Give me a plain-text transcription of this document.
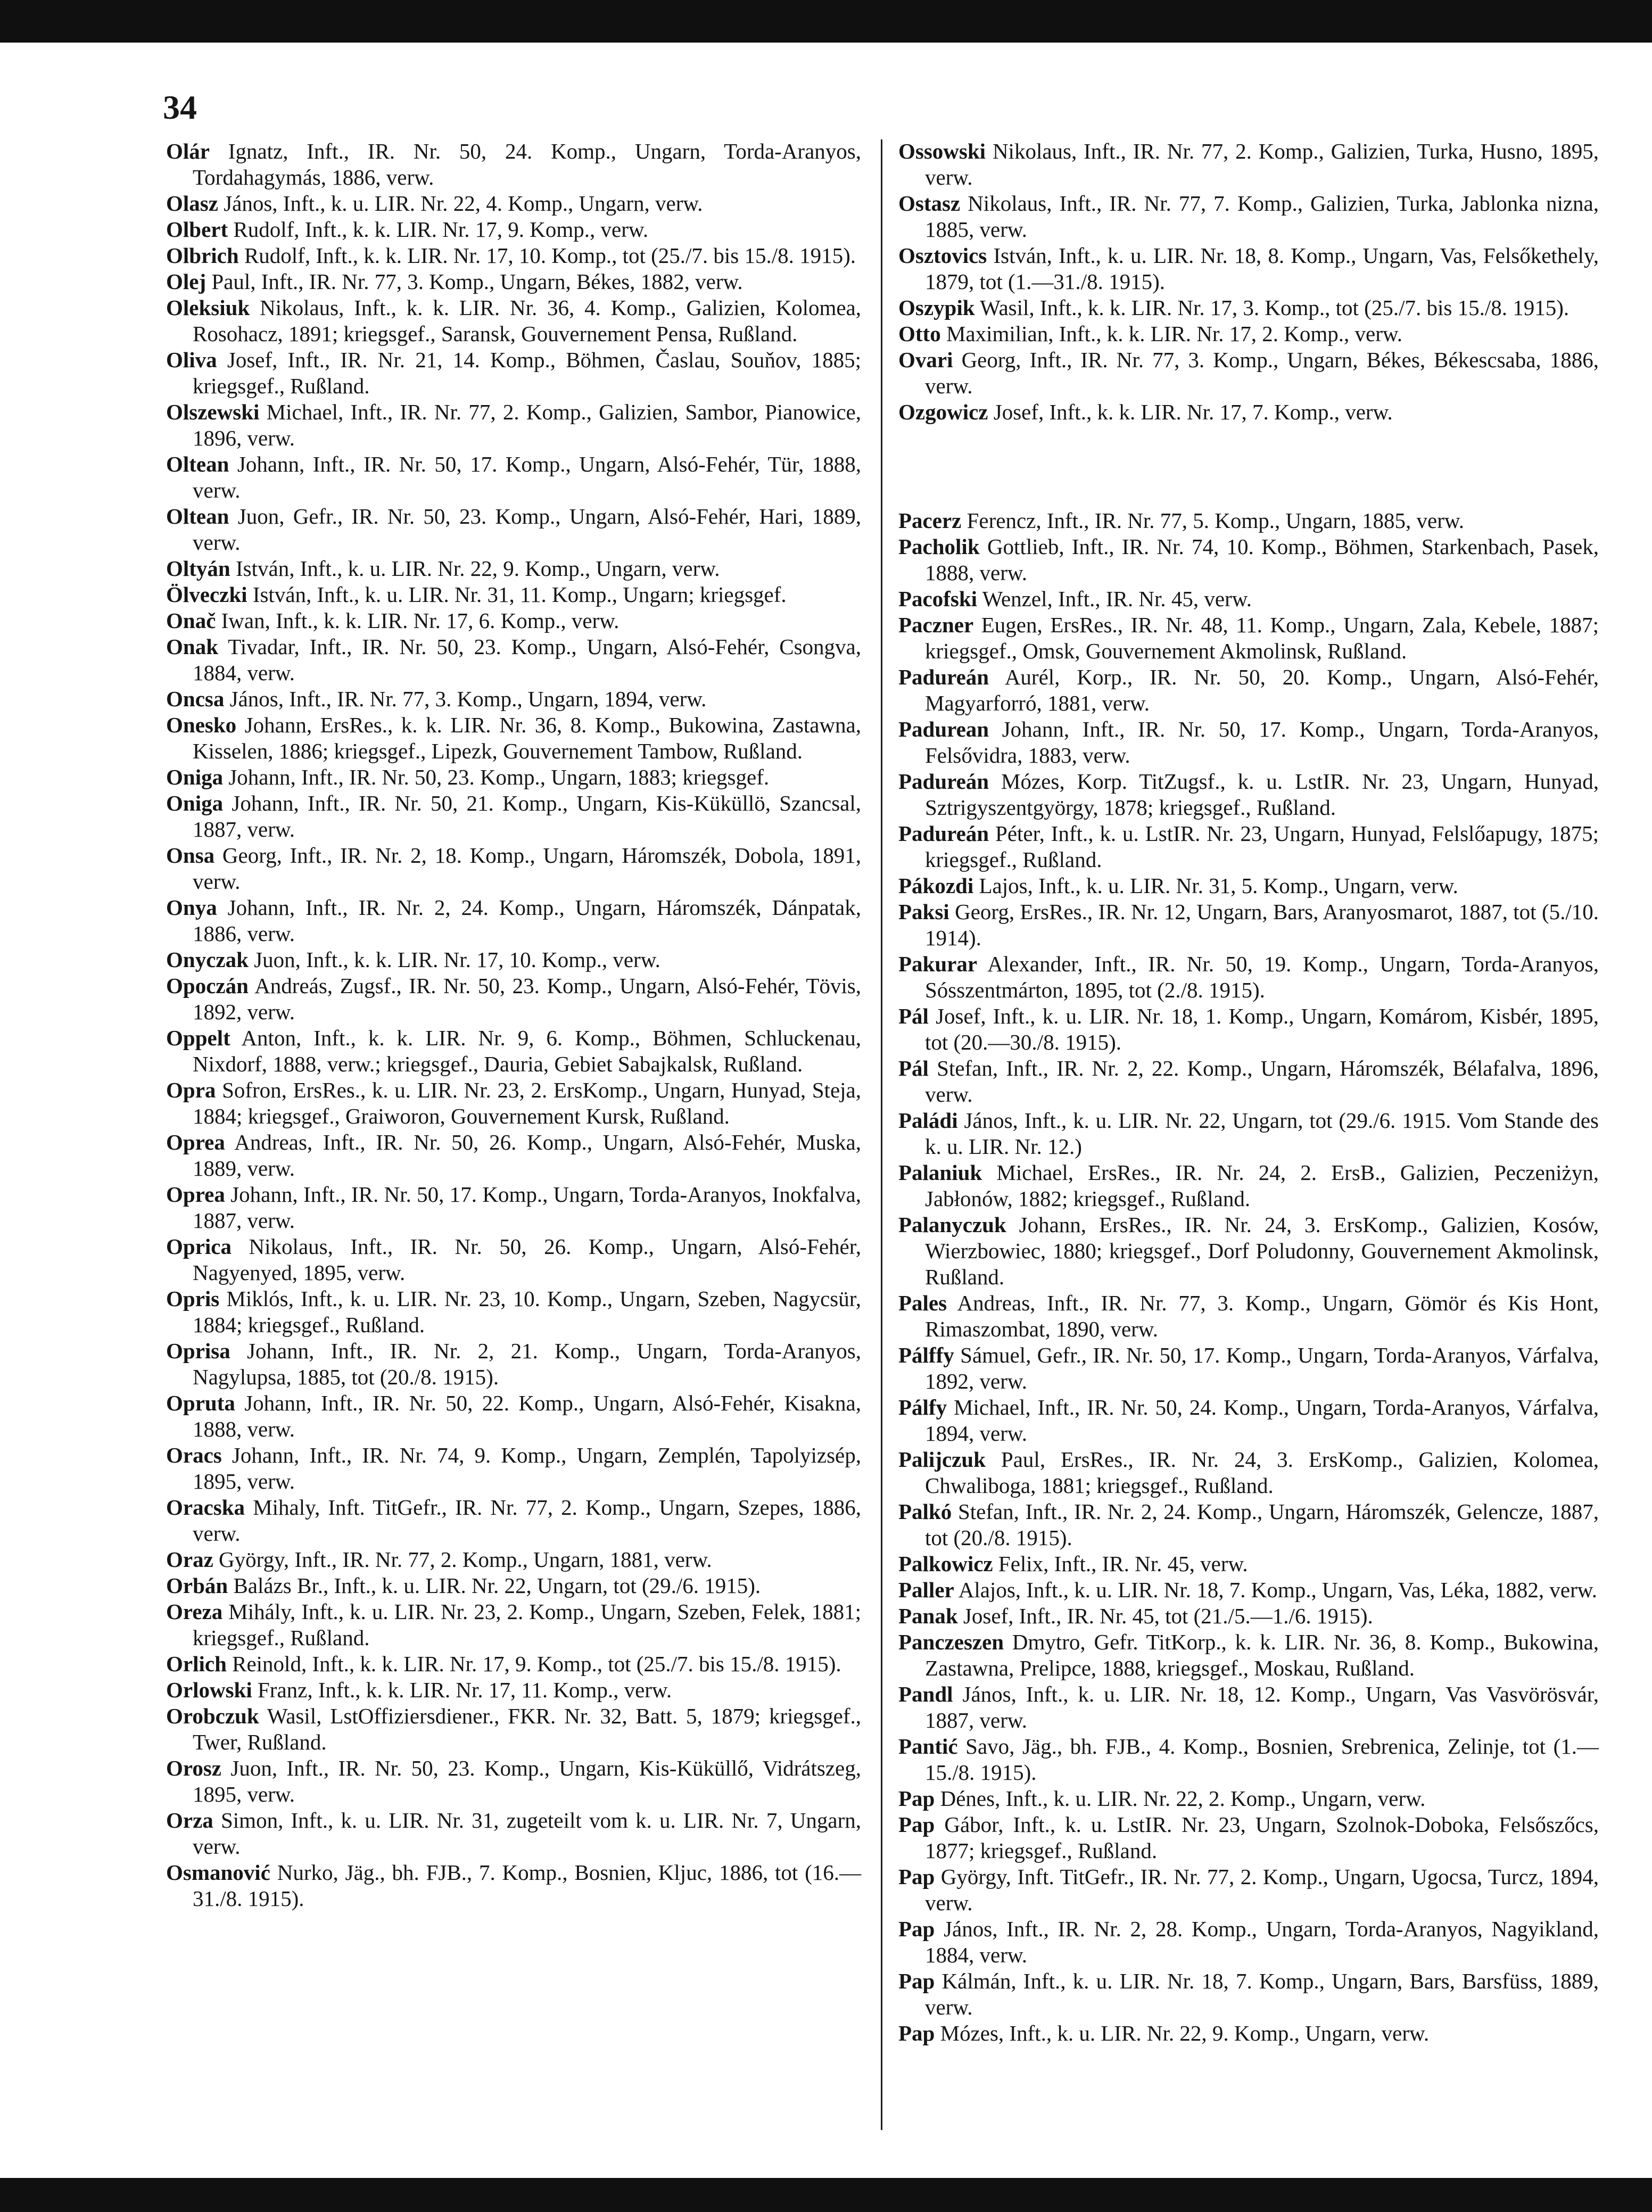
34

Olár Ignatz, Inft., IR. Nr. 50, 24. Komp., Ungarn, Torda-Aranyos, Tordahagymás, 1886, verw.

Olasz János, Inft., k. u. LIR. Nr. 22, 4. Komp., Ungarn, verw.

Olbert Rudolf, Inft., k. k. LIR. Nr. 17, 9. Komp., verw.

Olbrich Rudolf, Inft., k. k. LIR. Nr. 17, 10. Komp., tot (25./7. bis 15./8. 1915).

Olej Paul, Inft., IR. Nr. 77, 3. Komp., Ungarn, Békes, 1882, verw.

Oleksiuk Nikolaus, Inft., k. k. LIR. Nr. 36, 4. Komp., Galizien, Kolomea, Rosohacz, 1891; kriegsgef., Saransk, Gouvernement Pensa, Rußland.

Oliva Josef, Inft., IR. Nr. 21, 14. Komp., Böhmen, Časlau, Souňov, 1885; kriegsgef., Rußland.

Olszewski Michael, Inft., IR. Nr. 77, 2. Komp., Galizien, Sambor, Pianowice, 1896, verw.

Oltean Johann, Inft., IR. Nr. 50, 17. Komp., Ungarn, Alsó-Fehér, Tür, 1888, verw.

Oltean Juon, Gefr., IR. Nr. 50, 23. Komp., Ungarn, Alsó-Fehér, Hari, 1889, verw.

Oltyán István, Inft., k. u. LIR. Nr. 22, 9. Komp., Ungarn, verw.

Ölveczki István, Inft., k. u. LIR. Nr. 31, 11. Komp., Ungarn; kriegsgef.

Onač Iwan, Inft., k. k. LIR. Nr. 17, 6. Komp., verw.

Onak Tivadar, Inft., IR. Nr. 50, 23. Komp., Ungarn, Alsó-Fehér, Csongva, 1884, verw.

Oncsa János, Inft., IR. Nr. 77, 3. Komp., Ungarn, 1894, verw.

Onesko Johann, ErsRes., k. k. LIR. Nr. 36, 8. Komp., Bukowina, Zastawna, Kisselen, 1886; kriegsgef., Lipezk, Gouvernement Tambow, Rußland.

Oniga Johann, Inft., IR. Nr. 50, 23. Komp., Ungarn, 1883; kriegsgef.

Oniga Johann, Inft., IR. Nr. 50, 21. Komp., Ungarn, Kis-Küküllö, Szancsal, 1887, verw.

Onsa Georg, Inft., IR. Nr. 2, 18. Komp., Ungarn, Háromszék, Dobola, 1891, verw.

Onya Johann, Inft., IR. Nr. 2, 24. Komp., Ungarn, Háromszék, Dánpatak, 1886, verw.

Onyczak Juon, Inft., k. k. LIR. Nr. 17, 10. Komp., verw.

Opoczán Andreás, Zugsf., IR. Nr. 50, 23. Komp., Ungarn, Alsó-Fehér, Tövis, 1892, verw.

Oppelt Anton, Inft., k. k. LIR. Nr. 9, 6. Komp., Böhmen, Schluckenau, Nixdorf, 1888, verw.; kriegsgef., Dauria, Gebiet Sabajkalsk, Rußland.

Opra Sofron, ErsRes., k. u. LIR. Nr. 23, 2. ErsKomp., Ungarn, Hunyad, Steja, 1884; kriegsgef., Graiworon, Gouvernement Kursk, Rußland.

Oprea Andreas, Inft., IR. Nr. 50, 26. Komp., Ungarn, Alsó-Fehér, Muska, 1889, verw.

Oprea Johann, Inft., IR. Nr. 50, 17. Komp., Ungarn, Torda-Aranyos, Inokfalva, 1887, verw.

Oprica Nikolaus, Inft., IR. Nr. 50, 26. Komp., Ungarn, Alsó-Fehér, Nagyenyed, 1895, verw.

Opris Miklós, Inft., k. u. LIR. Nr. 23, 10. Komp., Ungarn, Szeben, Nagycsür, 1884; kriegsgef., Rußland.

Oprisa Johann, Inft., IR. Nr. 2, 21. Komp., Ungarn, Torda-Aranyos, Nagylupsa, 1885, tot (20./8. 1915).

Opruta Johann, Inft., IR. Nr. 50, 22. Komp., Ungarn, Alsó-Fehér, Kisakna, 1888, verw.

Oracs Johann, Inft., IR. Nr. 74, 9. Komp., Ungarn, Zemplén, Tapolyizsép, 1895, verw.

Oracska Mihaly, Inft. TitGefr., IR. Nr. 77, 2. Komp., Ungarn, Szepes, 1886, verw.

Oraz György, Inft., IR. Nr. 77, 2. Komp., Ungarn, 1881, verw.

Orbán Balázs Br., Inft., k. u. LIR. Nr. 22, Ungarn, tot (29./6. 1915).

Oreza Mihály, Inft., k. u. LIR. Nr. 23, 2. Komp., Ungarn, Szeben, Felek, 1881; kriegsgef., Rußland.

Orlich Reinold, Inft., k. k. LIR. Nr. 17, 9. Komp., tot (25./7. bis 15./8. 1915).

Orlowski Franz, Inft., k. k. LIR. Nr. 17, 11. Komp., verw.

Orobczuk Wasil, LstOffiziersdiener., FKR. Nr. 32, Batt. 5, 1879; kriegsgef., Twer, Rußland.

Orosz Juon, Inft., IR. Nr. 50, 23. Komp., Ungarn, Kis-Küküllő, Vidrátszeg, 1895, verw.

Orza Simon, Inft., k. u. LIR. Nr. 31, zugeteilt vom k. u. LIR. Nr. 7, Ungarn, verw.

Osmanović Nurko, Jäg., bh. FJB., 7. Komp., Bosnien, Kljuc, 1886, tot (16.—31./8. 1915).

Ossowski Nikolaus, Inft., IR. Nr. 77, 2. Komp., Galizien, Turka, Husno, 1895, verw.

Ostasz Nikolaus, Inft., IR. Nr. 77, 7. Komp., Galizien, Turka, Jablonka nizna, 1885, verw.

Osztovics István, Inft., k. u. LIR. Nr. 18, 8. Komp., Ungarn, Vas, Felsőkethely, 1879, tot (1.—31./8. 1915).

Oszypik Wasil, Inft., k. k. LIR. Nr. 17, 3. Komp., tot (25./7. bis 15./8. 1915).

Otto Maximilian, Inft., k. k. LIR. Nr. 17, 2. Komp., verw.

Ovari Georg, Inft., IR. Nr. 77, 3. Komp., Ungarn, Békes, Békescsaba, 1886, verw.

Ozgowicz Josef, Inft., k. k. LIR. Nr. 17, 7. Komp., verw.

Pacerz Ferencz, Inft., IR. Nr. 77, 5. Komp., Ungarn, 1885, verw.

Pacholik Gottlieb, Inft., IR. Nr. 74, 10. Komp., Böhmen, Starkenbach, Pasek, 1888, verw.

Pacofski Wenzel, Inft., IR. Nr. 45, verw.

Paczner Eugen, ErsRes., IR. Nr. 48, 11. Komp., Ungarn, Zala, Kebele, 1887; kriegsgef., Omsk, Gouvernement Akmolinsk, Rußland.

Padureán Aurél, Korp., IR. Nr. 50, 20. Komp., Ungarn, Alsó-Fehér, Magyarforró, 1881, verw.

Padurean Johann, Inft., IR. Nr. 50, 17. Komp., Ungarn, Torda-Aranyos, Felsővidra, 1883, verw.

Padureán Mózes, Korp. TitZugsf., k. u. LstIR. Nr. 23, Ungarn, Hunyad, Sztrigyszentgyörgy, 1878; kriegsgef., Rußland.

Padureán Péter, Inft., k. u. LstIR. Nr. 23, Ungarn, Hunyad, Felslőapugy, 1875; kriegsgef., Rußland.

Pákozdi Lajos, Inft., k. u. LIR. Nr. 31, 5. Komp., Ungarn, verw.

Paksi Georg, ErsRes., IR. Nr. 12, Ungarn, Bars, Aranyosmarot, 1887, tot (5./10. 1914).

Pakurar Alexander, Inft., IR. Nr. 50, 19. Komp., Ungarn, Torda-Aranyos, Sósszentmárton, 1895, tot (2./8. 1915).

Pál Josef, Inft., k. u. LIR. Nr. 18, 1. Komp., Ungarn, Komárom, Kisbér, 1895, tot (20.—30./8. 1915).

Pál Stefan, Inft., IR. Nr. 2, 22. Komp., Ungarn, Háromszék, Bélafalva, 1896, verw.

Paládi János, Inft., k. u. LIR. Nr. 22, Ungarn, tot (29./6. 1915. Vom Stande des k. u. LIR. Nr. 12.)

Palaniuk Michael, ErsRes., IR. Nr. 24, 2. ErsB., Galizien, Peczeniżyn, Jabłonów, 1882; kriegsgef., Rußland.

Palanyczuk Johann, ErsRes., IR. Nr. 24, 3. ErsKomp., Galizien, Kosów, Wierzbowiec, 1880; kriegsgef., Dorf Poludonny, Gouvernement Akmolinsk, Rußland.

Pales Andreas, Inft., IR. Nr. 77, 3. Komp., Ungarn, Gömör és Kis Hont, Rimaszombat, 1890, verw.

Pálffy Sámuel, Gefr., IR. Nr. 50, 17. Komp., Ungarn, Torda-Aranyos, Várfalva, 1892, verw.

Pálfy Michael, Inft., IR. Nr. 50, 24. Komp., Ungarn, Torda-Aranyos, Várfalva, 1894, verw.

Palijczuk Paul, ErsRes., IR. Nr. 24, 3. ErsKomp., Galizien, Kolomea, Chwaliboga, 1881; kriegsgef., Rußland.

Palkó Stefan, Inft., IR. Nr. 2, 24. Komp., Ungarn, Háromszék, Gelencze, 1887, tot (20./8. 1915).

Palkowicz Felix, Inft., IR. Nr. 45, verw.

Paller Alajos, Inft., k. u. LIR. Nr. 18, 7. Komp., Ungarn, Vas, Léka, 1882, verw.

Panak Josef, Inft., IR. Nr. 45, tot (21./5.—1./6. 1915).

Panczeszen Dmytro, Gefr. TitKorp., k. k. LIR. Nr. 36, 8. Komp., Bukowina, Zastawna, Prelipce, 1888, kriegsgef., Moskau, Rußland.

Pandl János, Inft., k. u. LIR. Nr. 18, 12. Komp., Ungarn, Vas Vasvörösvár, 1887, verw.

Pantić Savo, Jäg., bh. FJB., 4. Komp., Bosnien, Srebrenica, Zelinje, tot (1.—15./8. 1915).

Pap Dénes, Inft., k. u. LIR. Nr. 22, 2. Komp., Ungarn, verw.

Pap Gábor, Inft., k. u. LstIR. Nr. 23, Ungarn, Szolnok-Doboka, Felsőszőcs, 1877; kriegsgef., Rußland.

Pap György, Inft. TitGefr., IR. Nr. 77, 2. Komp., Ungarn, Ugocsa, Turcz, 1894, verw.

Pap János, Inft., IR. Nr. 2, 28. Komp., Ungarn, Torda-Aranyos, Nagyikland, 1884, verw.

Pap Kálmán, Inft., k. u. LIR. Nr. 18, 7. Komp., Ungarn, Bars, Barsfüss, 1889, verw.

Pap Mózes, Inft., k. u. LIR. Nr. 22, 9. Komp., Ungarn, verw.
